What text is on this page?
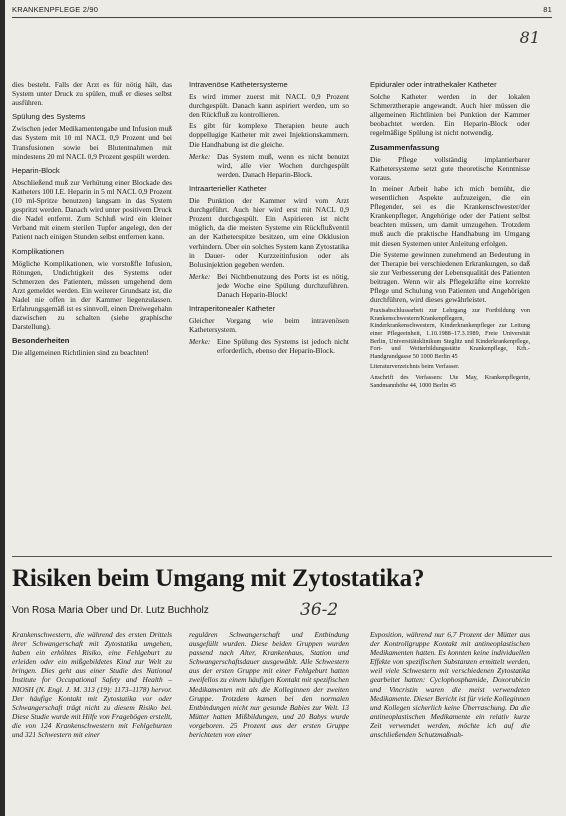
KRANKENPFLEGE 2/90	81
81

dies besteht. Falls der Arzt es für nötig hält, das System unter Druck zu spülen, muß er dieses selbst ausführen.

Spülung des Systems

Zwischen jeder Medikamentengabe und Infusion muß das System mit 10 ml NACL 0,9 Prozent und bei Transfusionen sowie bei Blutentnahmen mit mindestens 20 ml NACL 0,9 Prozent gespült werden.

Heparin-Block

Abschließend muß zur Verhütung einer Blockade des Katheters 100 I.E. Heparin in 5 ml NACL 0,9 Prozent (10 ml-Spritze benutzen) langsam in das System gespritzt werden. Danach wird unter positivem Druck die Nadel entfernt. Zum Schluß wird ein kleiner Verband mit einem sterilen Tupfer angelegt, den der Patient nach einigen Stunden selbst entfernen kann.

Komplikationen

Mögliche Komplikationen, wie vorstoßfle Infusion, Rötungen, Undichtigkeit des Systems oder Schmerzen des Patienten, müssen umgehend dem Arzt gemeldet werden. Ein weiterer Grundsatz ist, die Nadel nie offen in der Kammer liegenzulassen. Erfahrungsgemäß ist es sinnvoll, einen Dreiwegehahn dazwischen zu schalten (siehe graphische Darstellung).

Besonderheiten

Die allgemeinen Richtlinien sind zu beachten!

Intravenöse Kathetersysteme

Es wird immer zuerst mit NACL 0,9 Prozent durchgespült. Danach kann aspiriert werden, um so den Rückfluß zu kontrollieren.

Es gibt für komplexe Therapien heute auch doppellugige Katheter mit zwei Injektionskammern. Die Handhabung ist die gleiche.

Merke: Das System muß, wenn es nicht benutzt wird, alle vier Wochen durchgespült werden. Danach Heparin-Block.
Intraarterieller Katheter

Die Punktion der Kammer wird vom Arzt durchgeführt. Auch hier wird erst mit NACL 0,9 Prozent durchgespült. Ein Aspirieren ist nicht möglich, da die meisten Systeme ein Rückflußventil an der Katheterspitze besitzen, um eine Okklusion verhindern. Über ein solches System kann Zytostatika in Dauer- oder Kurzzeitinfusion oder als Bolusinjektion gegeben werden.

Merke: Bei Nichtbenutzung des Ports ist es nötig, jede Woche eine Spülung durchzuführen. Danach Heparin-Block!
Intraperitonealer Katheter

Gleicher Vorgang wie beim intravenösen Kathetersystem.

Merke: Eine Spülung des Systems ist jedoch nicht erforderlich, ebenso der Heparin-Block.
Epiduraler oder intrathekaler Katheter

Solche Katheter werden in der lokalen Schmerztherapie angewandt. Auch hier müssen die allgemeinen Richtlinien bei Punktion der Kammer beobachtet werden. Ein Heparin-Block oder regelmäßige Spülung ist nicht notwendig.

Zusammenfassung

Die Pflege vollständig implantierbarer Kathetersysteme setzt gute theoretische Kenntnisse voraus.

In meiner Arbeit habe ich mich bemüht, die wesentlichen Aspekte aufzuzeigen, die ein Pflegender, sei es die Krankenschwester/der Krankenpfleger, Angehörige oder der Patient selbst beachten müssen, um damit umzugehen. Trotzdem muß auch die praktische Handhabung im Umgang mit diesen Systemen unter Anleitung erfolgen.

Die Systeme gewinnen zunehmend an Bedeutung in der Therapie bei verschiedenen Erkrankungen, so daß sie zur Verbesserung der Lebensqualität des Patienten beitragen. Wenn wir als Pflegekräfte eine korrekte Pflege und Schulung von Patienten und Angehörigen durchführen, wird dieses gewährleistet.

Praxisabschlussarbeit zur Lehrgang zur Fortbildung von Krankenschwestern/Krankenpflegern, Kinderkrankenschwestern, Kinderkrankenpfleger zur Leitung einer Pflegeeinheit, 1.10.1988–17.3.1989, Freie Universität Berlin, Universitätsklinikum Steglitz und Kinderkrankenpflege, Fort- und Weiterbildungsstätte Krankenpflege, Krh.-Handgrundgasse 50 1000 Berlin 45
Literaturverzeichnis beim Verfasser.
Anschrift des Verfassers: Ute May, Krankenpflegerin, Sandmannhöhe 44, 1000 Berlin 45
Risiken beim Umgang mit Zytostatika?
Von Rosa Maria Ober und Dr. Lutz Buchholz	36-2

Krankenschwestern, die während des ersten Drittels ihrer Schwangerschaft mit Zytostatika umgehen, haben ein erhöhtes Risiko, eine Fehlgeburt zu erleiden oder ein mißgebildetes Kind zur Welt zu bringen. Dies geht aus einer Studie des National Institute for Occupational Safety and Health – NIOSH (N. Engl. J. M. 313 (19): 1173–1178) hervor. Der häufige Kontakt mit Zytostatika vor oder Schwangerschaft trägt nicht zu diesem Risiko bei. Diese Studie wurde mit Hilfe von Fragebögen erstellt, die von 124 Krankenschwestern mit Fehlgeburten und 321 Schwestern mit einer

regulären Schwangerschaft und Entbindung ausgefüllt wurden. Diese beiden Gruppen wurden passend nach Alter, Krankenhaus, Station und Schwangerschaftsdauer ausgewählt. Alle Schwestern aus der ersten Gruppe mit einer Fehlgeburt hatten zweifellos zu einem häufigen Kontakt mit spezifischen Medikamenten mit als die Kolleginnen der zweiten Gruppe. Trotzdem kamen bei den normalen Entbindungen nicht nur gesunde Babies zur Welt. 13 Mütter hatten Mißbildungen, und 20 Babys wurde vorgeboren. 25 Prozent aus der ersten Gruppe berichteten von einer

Exposition, während nur 6,7 Prozent der Mütter aus der Kontrollgruppe Kontakt mit antineoplastischen Medikamenten hatten. Es konnten keine individuellen Effekte von spezifischen Substanzen ermittelt werden, weil viele Schwestern mit verschiedenen Zytostatika gearbeitet hatten: Cyclophosphamide, Doxorubicin und Vincristin waren die meist verwendeten Medikamente. Dieser Bericht ist für viele Kolleginnen und Kollegen sicherlich keine Überraschung. Da die antineoplastischen Medikamente ein relativ kurze Zeit verwendet werden, möchte ich auf die anschließenden Schutzmaßnah-
